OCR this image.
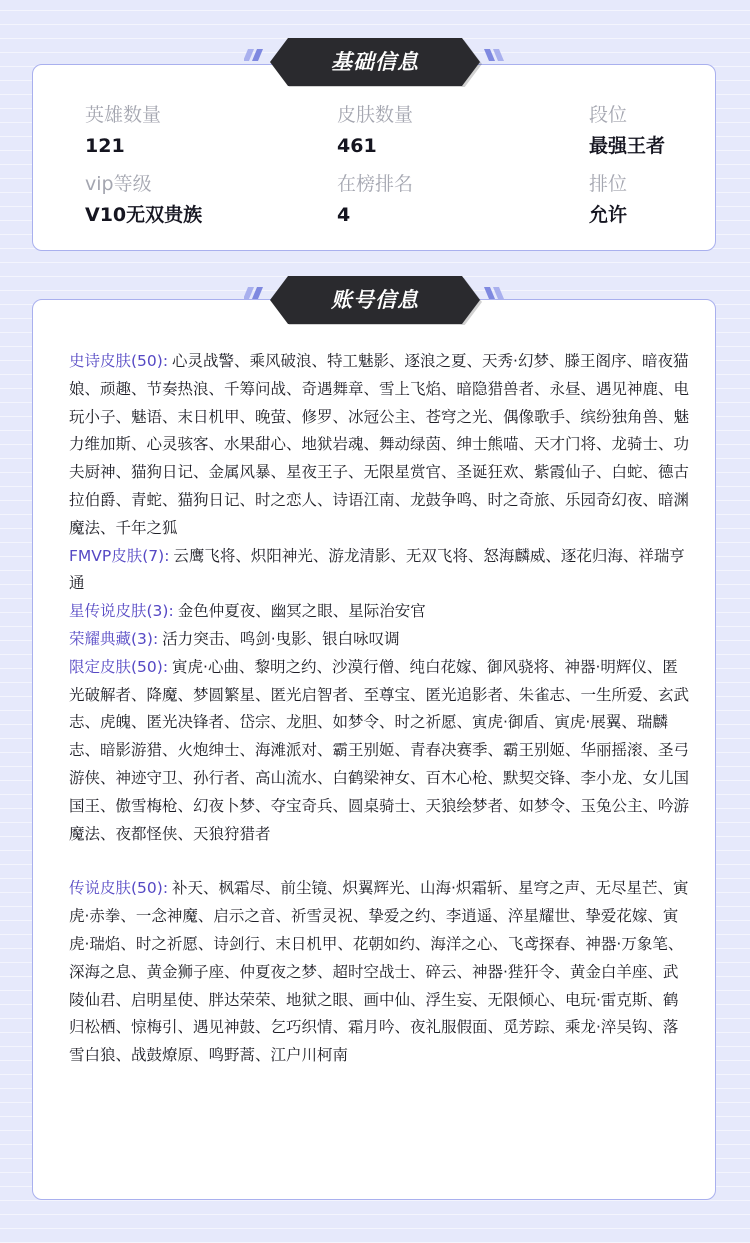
英雄数量
121
皮肤数量
461
段位
最强王者
vip等级
V10无双贵族
在榜排名
4
排位
允许
基础信息

史诗皮肤(50): 心灵战警、乘风破浪、特工魅影、逐浪之夏、天秀·幻梦、滕王阁序、暗夜猫娘、顽趣、节奏热浪、千筹问战、奇遇舞章、雪上飞焰、暗隐猎兽者、永昼、遇见神鹿、电玩小子、魅语、末日机甲、晚萤、修罗、冰冠公主、苍穹之光、偶像歌手、缤纷独角兽、魅力维加斯、心灵骇客、水果甜心、地狱岩魂、舞动绿茵、绅士熊喵、天才门将、龙骑士、功夫厨神、猫狗日记、金属风暴、星夜王子、无限星赏官、圣诞狂欢、紫霞仙子、白蛇、德古拉伯爵、青蛇、猫狗日记、时之恋人、诗语江南、龙鼓争鸣、时之奇旅、乐园奇幻夜、暗渊魔法、千年之狐

FMVP皮肤(7): 云鹰飞将、炽阳神光、游龙清影、无双飞将、怒海麟威、逐花归海、祥瑞亨通

星传说皮肤(3): 金色仲夏夜、幽冥之眼、星际治安官

荣耀典藏(3): 活力突击、鸣剑·曳影、银白咏叹调

限定皮肤(50): 寅虎·心曲、黎明之约、沙漠行僧、纯白花嫁、御风骁将、神器·明辉仪、匿光破解者、降魔、梦圆繁星、匿光启智者、至尊宝、匿光追影者、朱雀志、一生所爱、玄武志、虎魄、匿光决锋者、岱宗、龙胆、如梦令、时之祈愿、寅虎·御盾、寅虎·展翼、瑞麟志、暗影游猎、火炮绅士、海滩派对、霸王别姬、青春决赛季、霸王别姬、华丽摇滚、圣弓游侠、神迹守卫、孙行者、高山流水、白鹤梁神女、百木心枪、默契交锋、李小龙、女儿国国王、傲雪梅枪、幻夜卜梦、夺宝奇兵、圆桌骑士、天狼绘梦者、如梦令、玉兔公主、吟游魔法、夜都怪侠、天狼狩猎者

传说皮肤(50): 补天、枫霜尽、前尘镜、炽翼辉光、山海·炽霜斩、星穹之声、无尽星芒、寅虎·赤拳、一念神魔、启示之音、祈雪灵祝、挚爱之约、李逍遥、淬星耀世、挚爱花嫁、寅虎·瑞焰、时之祈愿、诗剑行、末日机甲、花朝如约、海洋之心、飞鸢探春、神器·万象笔、深海之息、黄金狮子座、仲夏夜之梦、超时空战士、碎云、神器·狴犴令、黄金白羊座、武陵仙君、启明星使、胖达荣荣、地狱之眼、画中仙、浮生妄、无限倾心、电玩·雷克斯、鹤归松栖、惊梅引、遇见神鼓、乞巧织情、霜月吟、夜礼服假面、觅芳踪、乘龙·淬吴钩、落雪白狼、战鼓燎原、鸣野蒿、江户川柯南

账号信息
